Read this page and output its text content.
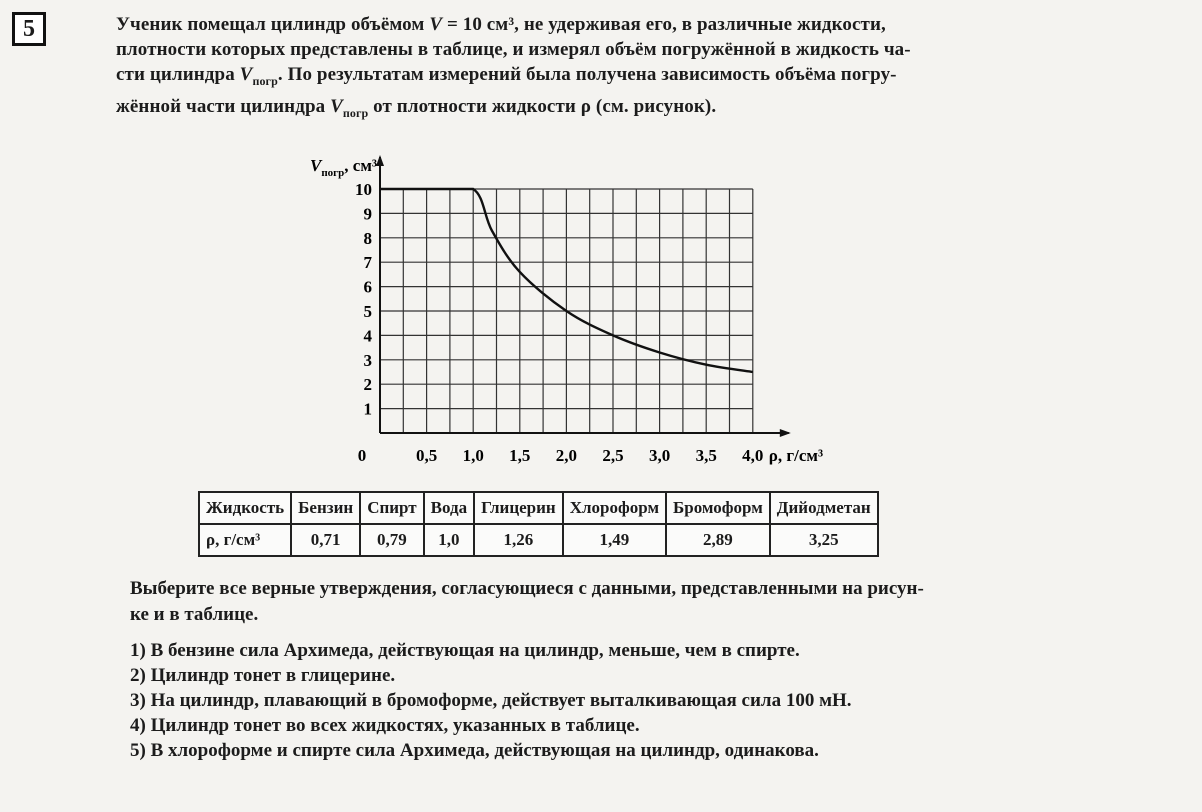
5	Ученик помещал цилиндр объёмом V = 10 см³, не удерживая его, в различные жидкости,

плотности которых представлены в таблице, и измерял объём погружённой в жидкость ча-

сти цилиндра $V_{погр}$. По результатам измерений была получена зависимость объёма погру-

жённой части цилиндра $V_{погр}$ от плотности жидкости ρ (см. рисунок).

1
2
3
4
5
6
7
8
9
10
0	0,5 1,0 1,5 2,0 2,5 3,0 3,5 4,0 ρ, г/см³
$V_{погр}$, см³
Жидкость	Бензин	Спирт	Вода	Глицерин	Хлороформ	Бромоформ	Дийодметан
ρ, г/см³	0,71	0,79	1,0	1,26	1,49	2,89	3,25

Выберите все верные утверждения, согласующиеся с данными, представленными на рисун-

ке и в таблице.

1) В бензине сила Архимеда, действующая на цилиндр, меньше, чем в спирте.
2) Цилиндр тонет в глицерине.
3) На цилиндр, плавающий в бромоформе, действует выталкивающая сила 100 мН.
4) Цилиндр тонет во всех жидкостях, указанных в таблице.
5) В хлороформе и спирте сила Архимеда, действующая на цилиндр, одинакова.
